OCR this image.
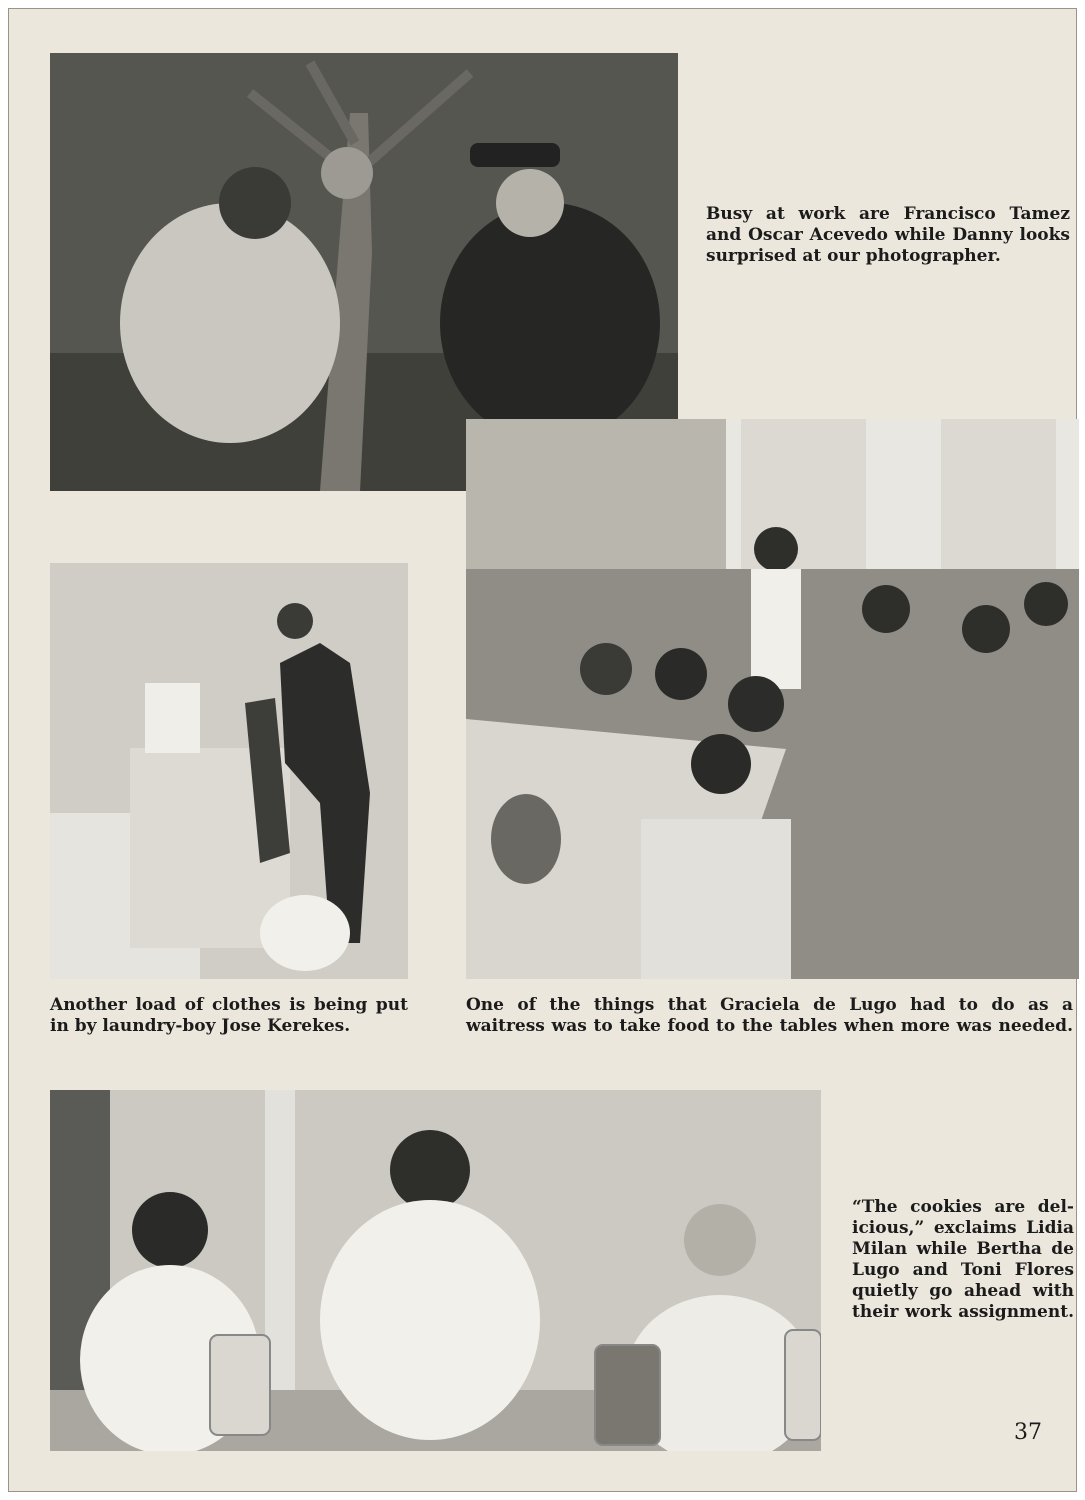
Busy at work are Francisco Tamez
and Oscar Acevedo while Danny looks
surprised at our photographer.
Another load of clothes is being put
in by laundry-boy Jose Kerekes.
One of the things that Graciela de Lugo had to do as a
waitress was to take food to the tables when more was needed.
“The cookies are del-
icious,” exclaims Lidia
Milan while Bertha de
Lugo and Toni Flores
quietly go ahead with
their work assignment.
37
